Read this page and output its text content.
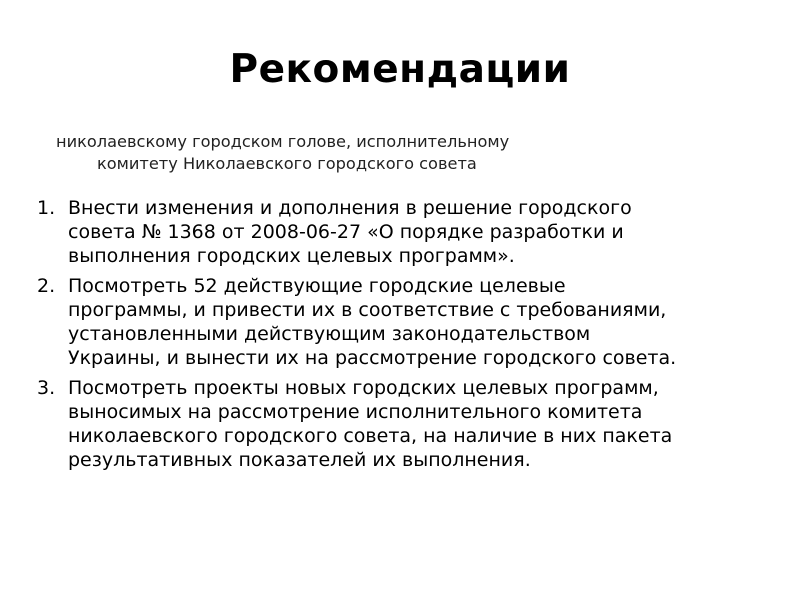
Рекомендации
николаевскому городском голове, исполнительному
комитету Николаевского городского совета
1. Внести изменения и дополнения в решение городского
совета № 1368 от 2008-06-27 «О порядке разработки и
выполнения городских целевых программ».
2. Посмотреть 52 действующие городские целевые
программы, и привести их в соответствие с требованиями,
установленными действующим законодательством
Украины, и вынести их на рассмотрение городского совета.
3. Посмотреть проекты новых городских целевых программ,
выносимых на рассмотрение исполнительного комитета
николаевского городского совета, на наличие в них пакета
результативных показателей их выполнения.
